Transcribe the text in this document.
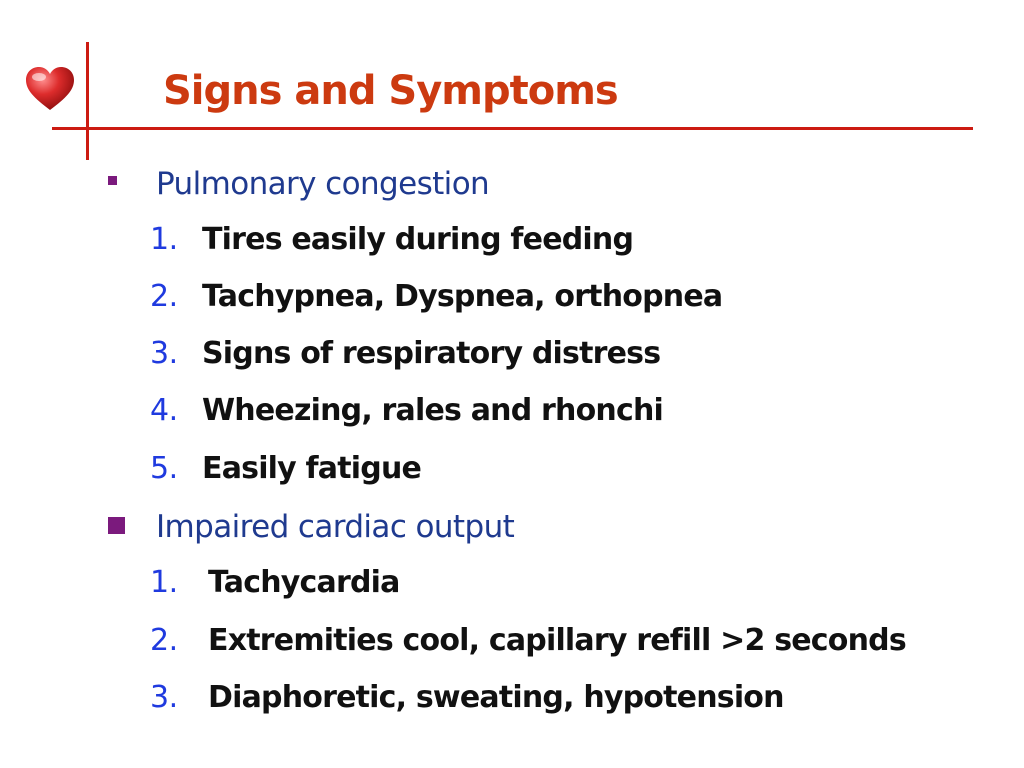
Signs and Symptoms
Pulmonary congestion
1. Tires easily during feeding
2. Tachypnea, Dyspnea, orthopnea
3. Signs of respiratory distress
4. Wheezing, rales and rhonchi
5. Easily fatigue
Impaired cardiac output
1. Tachycardia
2. Extremities cool, capillary refill >2 seconds
3. Diaphoretic, sweating, hypotension
